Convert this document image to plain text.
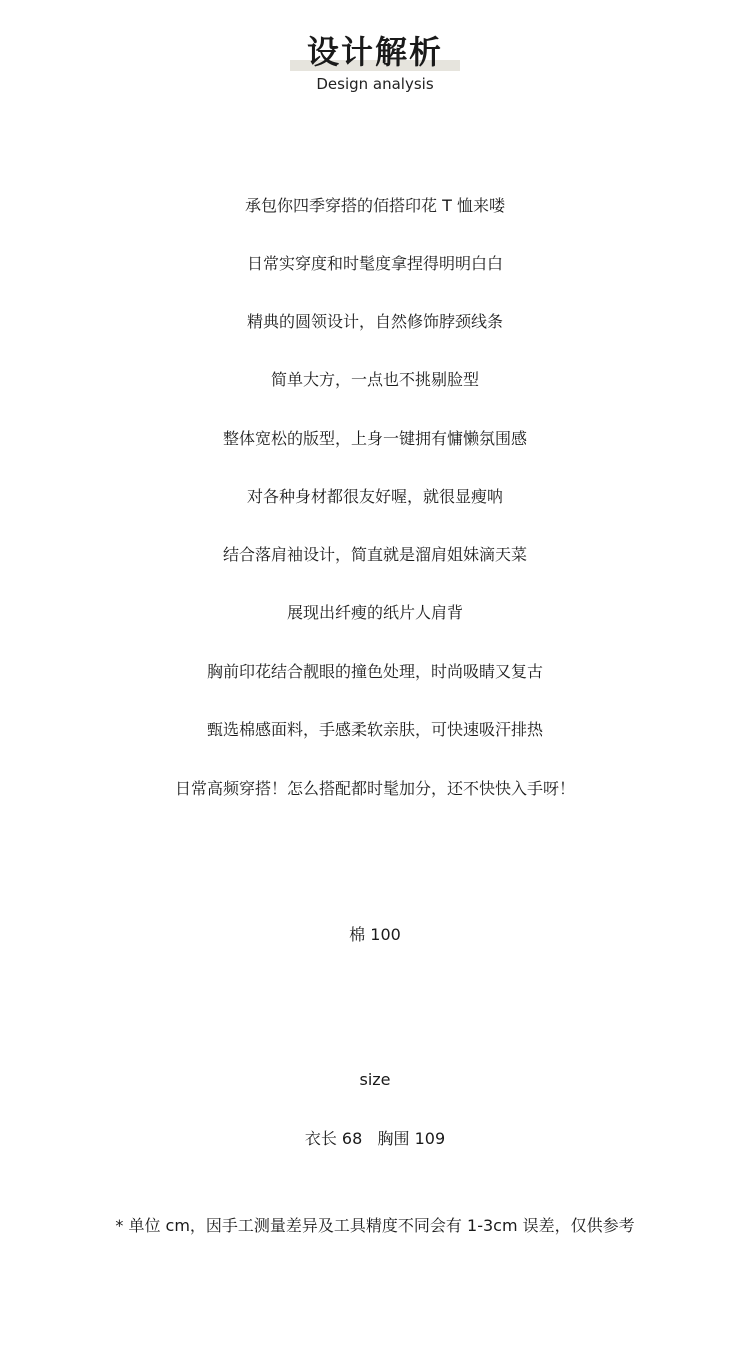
设计解析
Design analysis
承包你四季穿搭的佰搭印花 T 恤来喽
日常实穿度和时髦度拿捏得明明白白
精典的圆领设计，自然修饰脖颈线条
简单大方，一点也不挑剔脸型
整体宽松的版型，上身一键拥有慵懒氛围感
对各种身材都很友好喔，就很显瘦呐
结合落肩袖设计，简直就是溜肩姐妹滴天菜
展现出纤瘦的纸片人肩背
胸前印花结合靓眼的撞色处理，时尚吸睛又复古
甄选棉感面料，手感柔软亲肤，可快速吸汗排热
日常高频穿搭！怎么搭配都时髦加分，还不快快入手呀！
棉 100
size
衣长 68   胸围 109
* 单位 cm，因手工测量差异及工具精度不同会有 1-3cm 误差，仅供参考
